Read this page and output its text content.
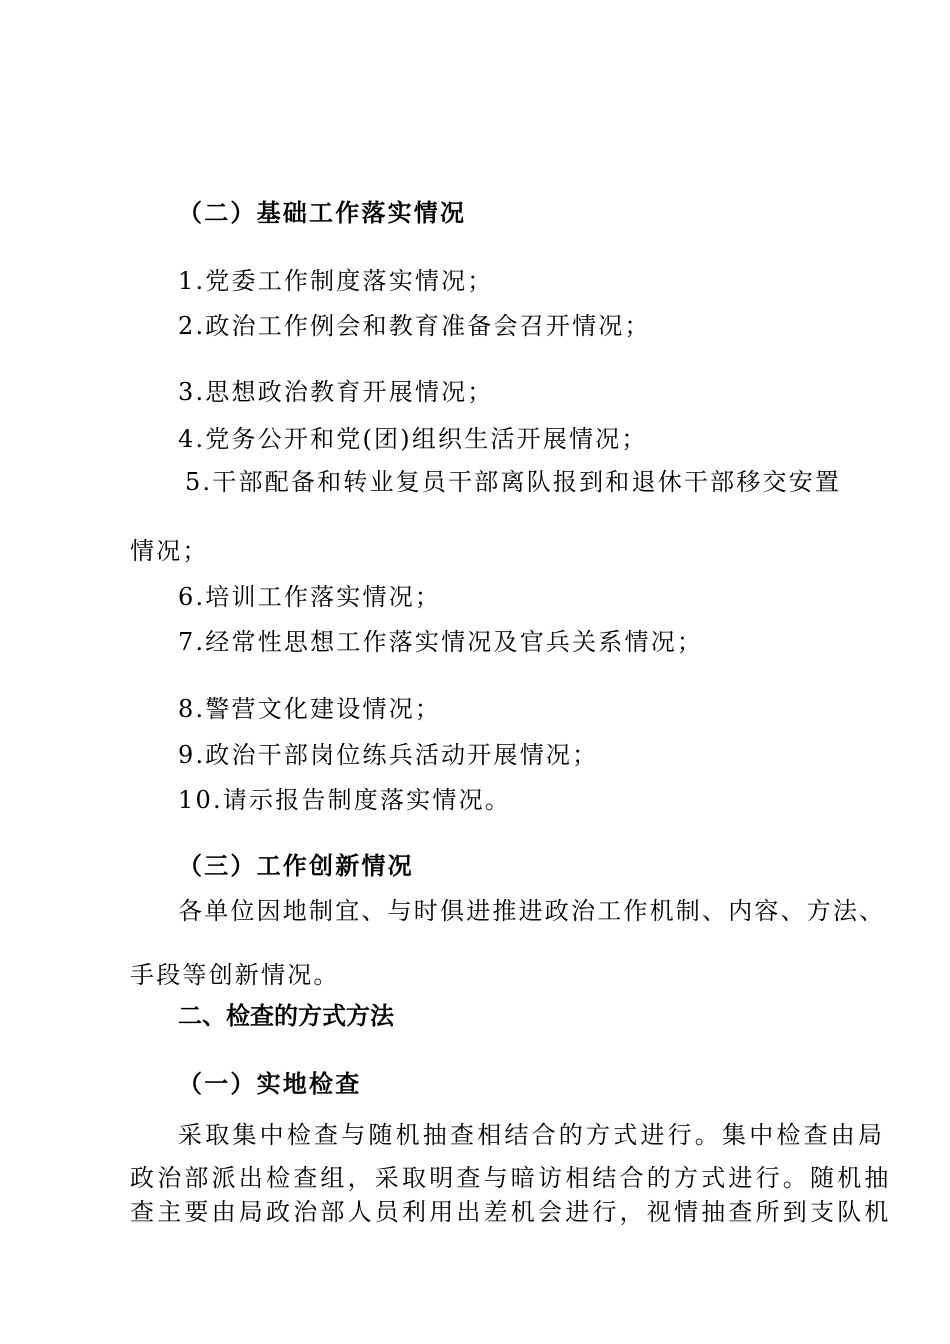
（二）基础工作落实情况
1.党委工作制度落实情况；
2.政治工作例会和教育准备会召开情况；
3.思想政治教育开展情况；
4.党务公开和党(团)组织生活开展情况；
5.干部配备和转业复员干部离队报到和退休干部移交安置
情况；
6.培训工作落实情况；
7.经常性思想工作落实情况及官兵关系情况；
8.警营文化建设情况；
9.政治干部岗位练兵活动开展情况；
10.请示报告制度落实情况。
（三）工作创新情况
各单位因地制宜、与时俱进推进政治工作机制、内容、方法、
手段等创新情况。
二、检查的方式方法
（一）实地检查
采取集中检查与随机抽查相结合的方式进行。集中检查由局
政治部派出检查组，采取明查与暗访相结合的方式进行。随机抽
查主要由局政治部人员利用出差机会进行，视情抽查所到支队机
